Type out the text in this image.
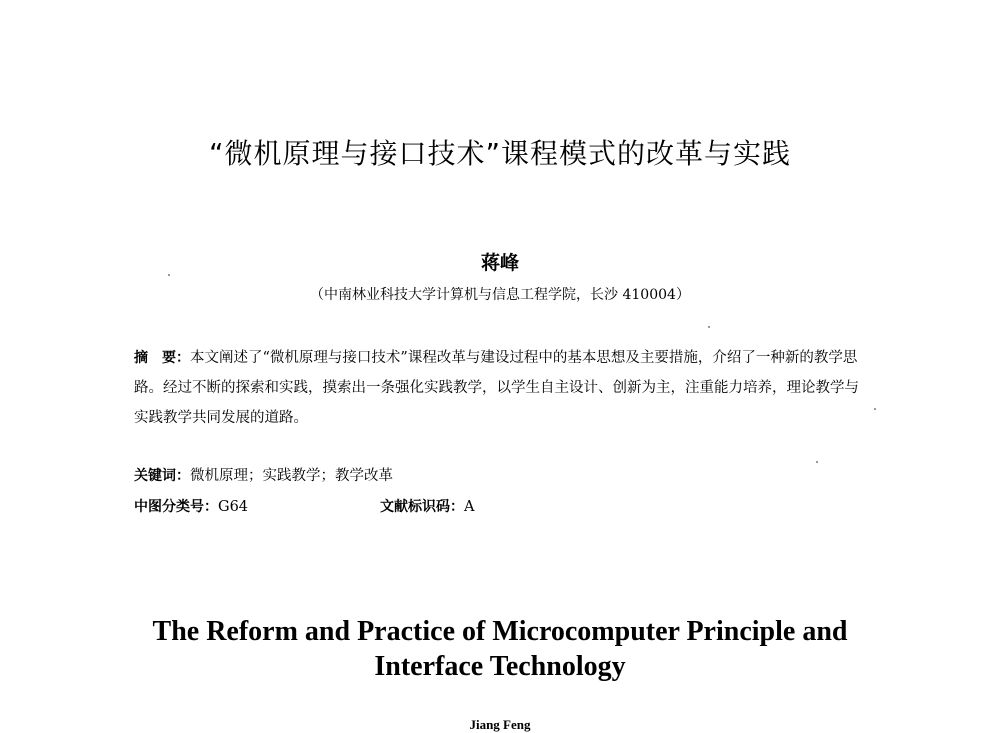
“微机原理与接口技术”课程模式的改革与实践
蒋峰
（中南林业科技大学计算机与信息工程学院，长沙 410004）
摘　要：本文阐述了“微机原理与接口技术”课程改革与建设过程中的基本思想及主要措施，介绍了一种新的教学思路。经过不断的探索和实践，摸索出一条强化实践教学，以学生自主设计、创新为主，注重能力培养，理论教学与实践教学共同发展的道路。
关键词：微机原理；实践教学；教学改革
中图分类号：G64	文献标识码：A
The Reform and Practice of Microcomputer Principle and
Interface Technology
Jiang Feng
